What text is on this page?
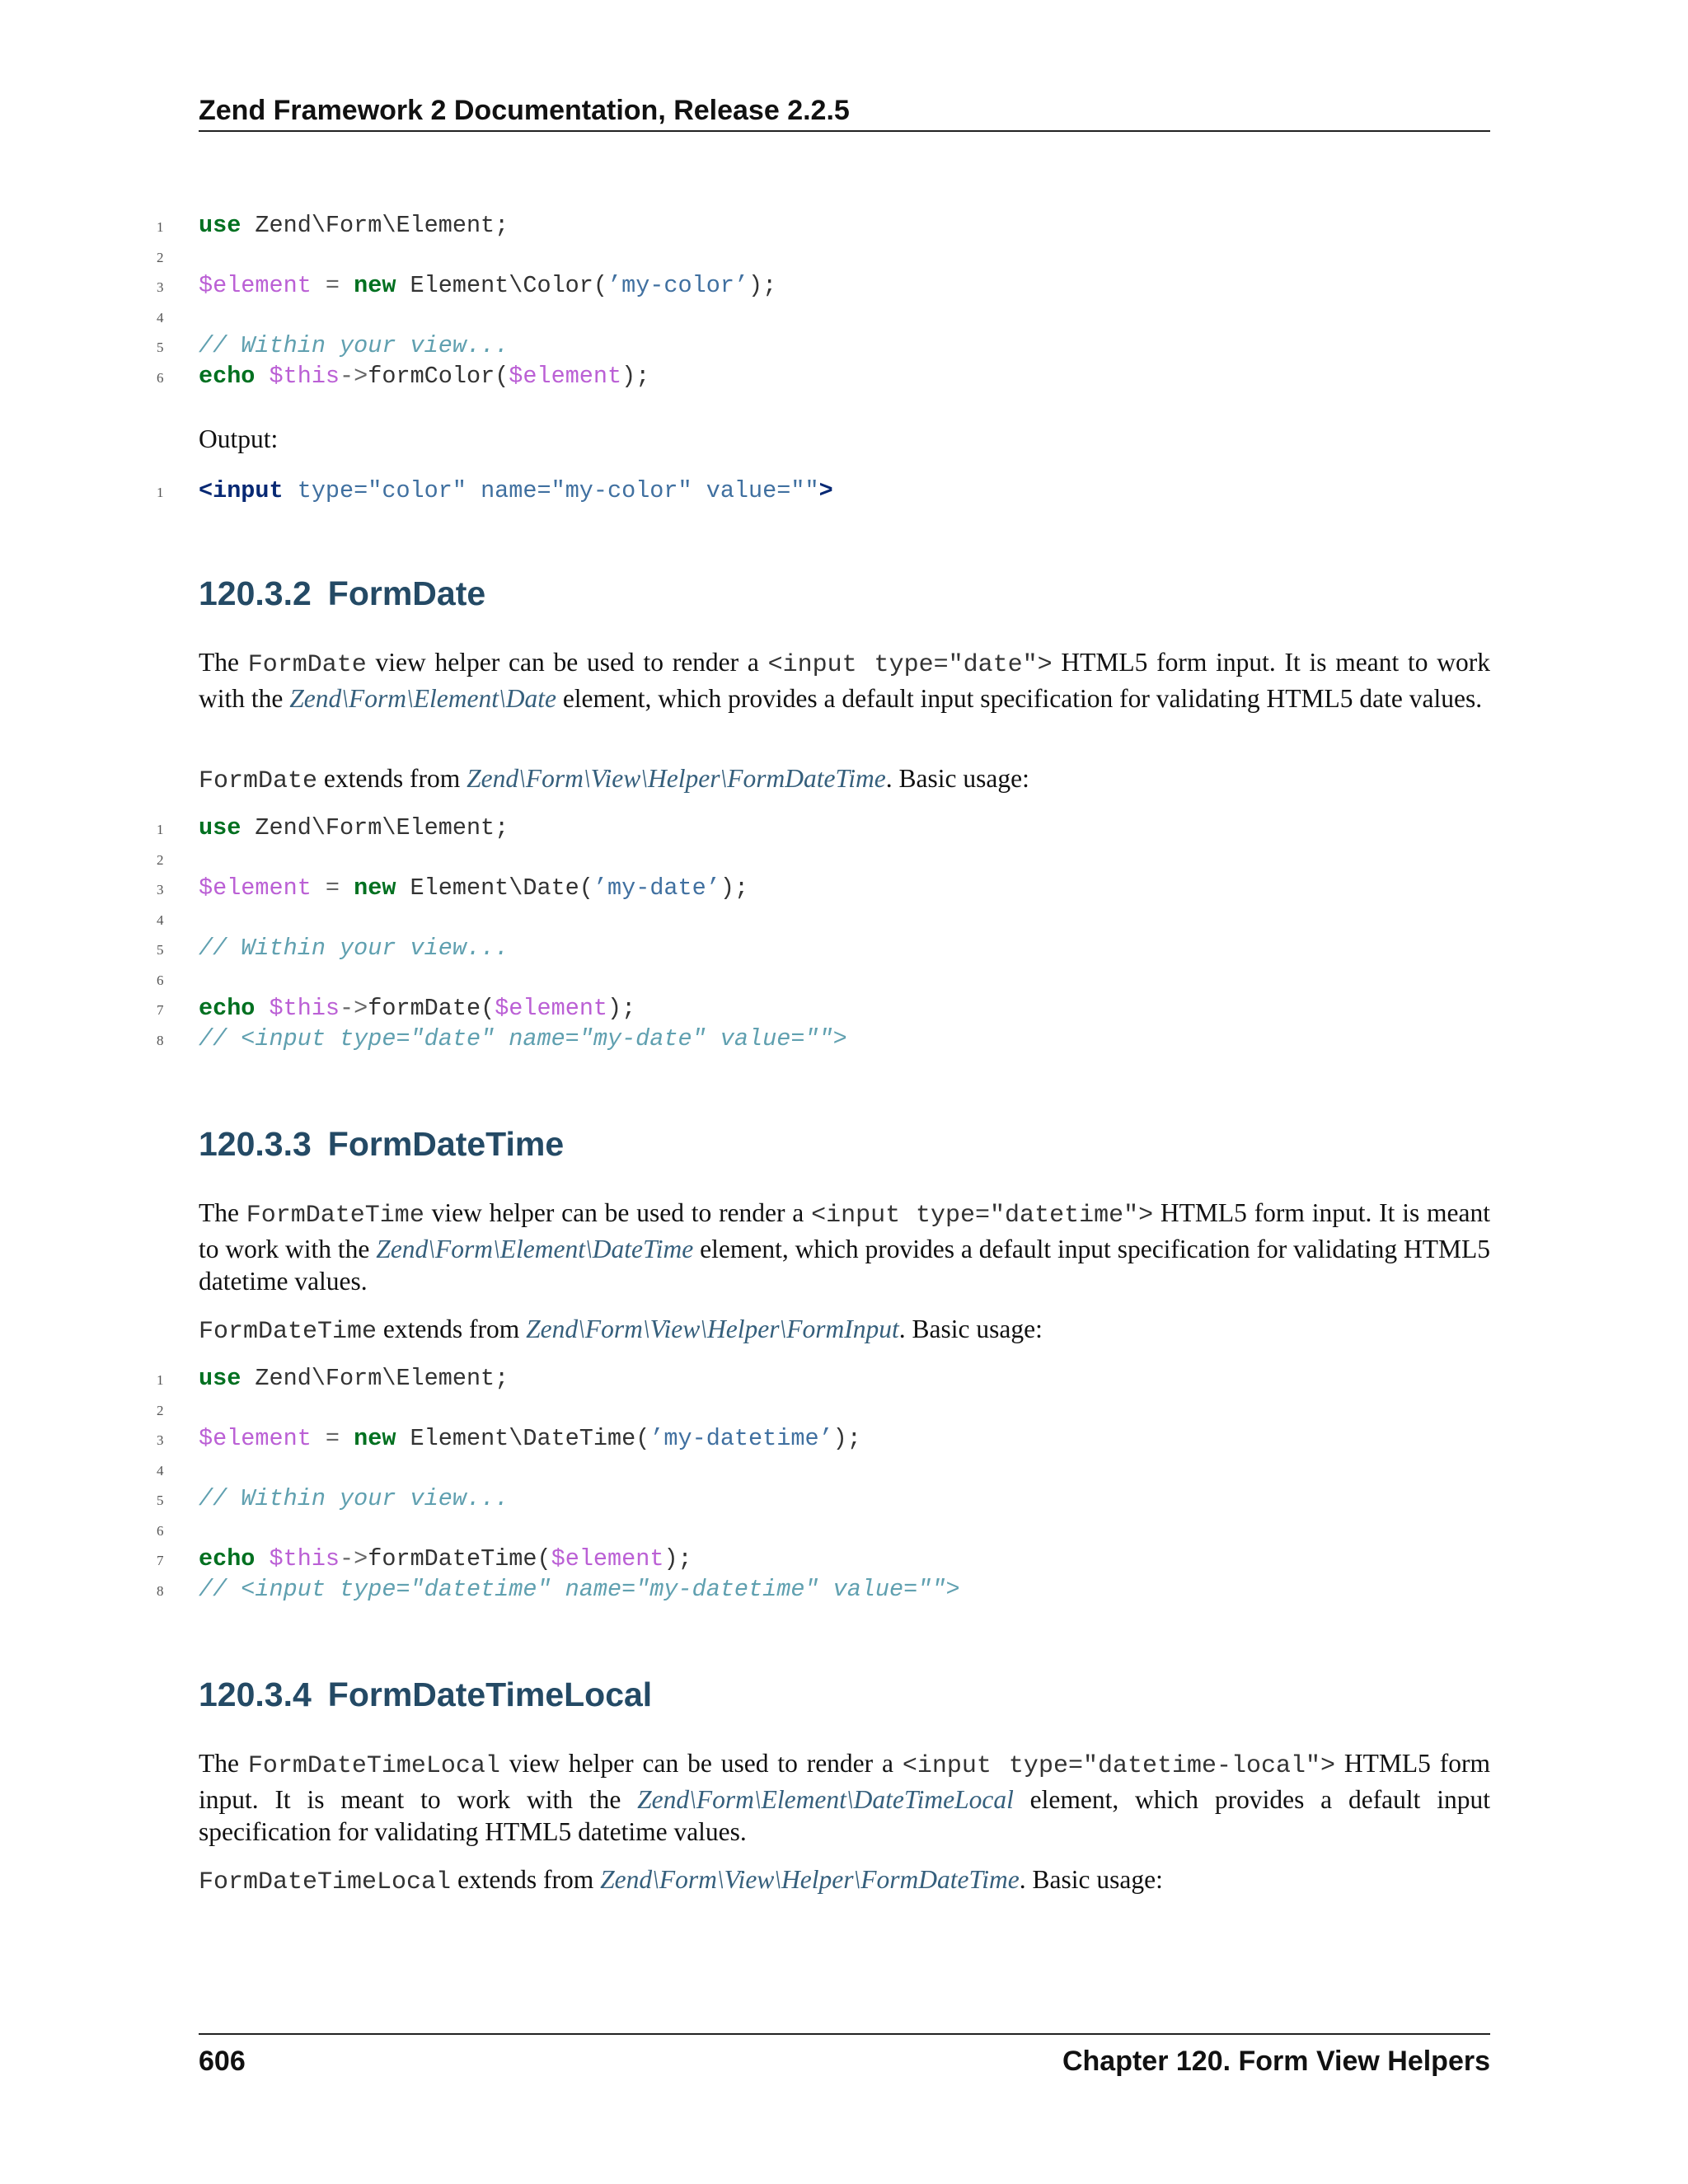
Zend Framework 2 Documentation, Release 2.2.5
1	use Zend\Form\Element;
2
3	$element = new Element\Color(’my-color’);
4
5	// Within your view...
6	echo $this->formColor($element);
Output:
1	<input type="color" name="my-color" value="">
120.3.2 FormDate
The FormDate view helper can be used to render a <input type="date"> HTML5 form input. It is meant to work with the Zend\Form\Element\Date element, which provides a default input specification for validating HTML5 date values.
FormDate extends from Zend\Form\View\Helper\FormDateTime. Basic usage:
1	use Zend\Form\Element;
2
3	$element = new Element\Date(’my-date’);
4
5	// Within your view...
6
7	echo $this->formDate($element);
8	// <input type="date" name="my-date" value="">
120.3.3 FormDateTime
The FormDateTime view helper can be used to render a <input type="datetime"> HTML5 form input. It is meant to work with the Zend\Form\Element\DateTime element, which provides a default input specification for validating HTML5 datetime values.
FormDateTime extends from Zend\Form\View\Helper\FormInput. Basic usage:
1	use Zend\Form\Element;
2
3	$element = new Element\DateTime(’my-datetime’);
4
5	// Within your view...
6
7	echo $this->formDateTime($element);
8	// <input type="datetime" name="my-datetime" value="">
120.3.4 FormDateTimeLocal
The FormDateTimeLocal view helper can be used to render a <input type="datetime-local"> HTML5 form input. It is meant to work with the Zend\Form\Element\DateTimeLocal element, which provides a default input specification for validating HTML5 datetime values.
FormDateTimeLocal extends from Zend\Form\View\Helper\FormDateTime. Basic usage:
606	Chapter 120. Form View Helpers
